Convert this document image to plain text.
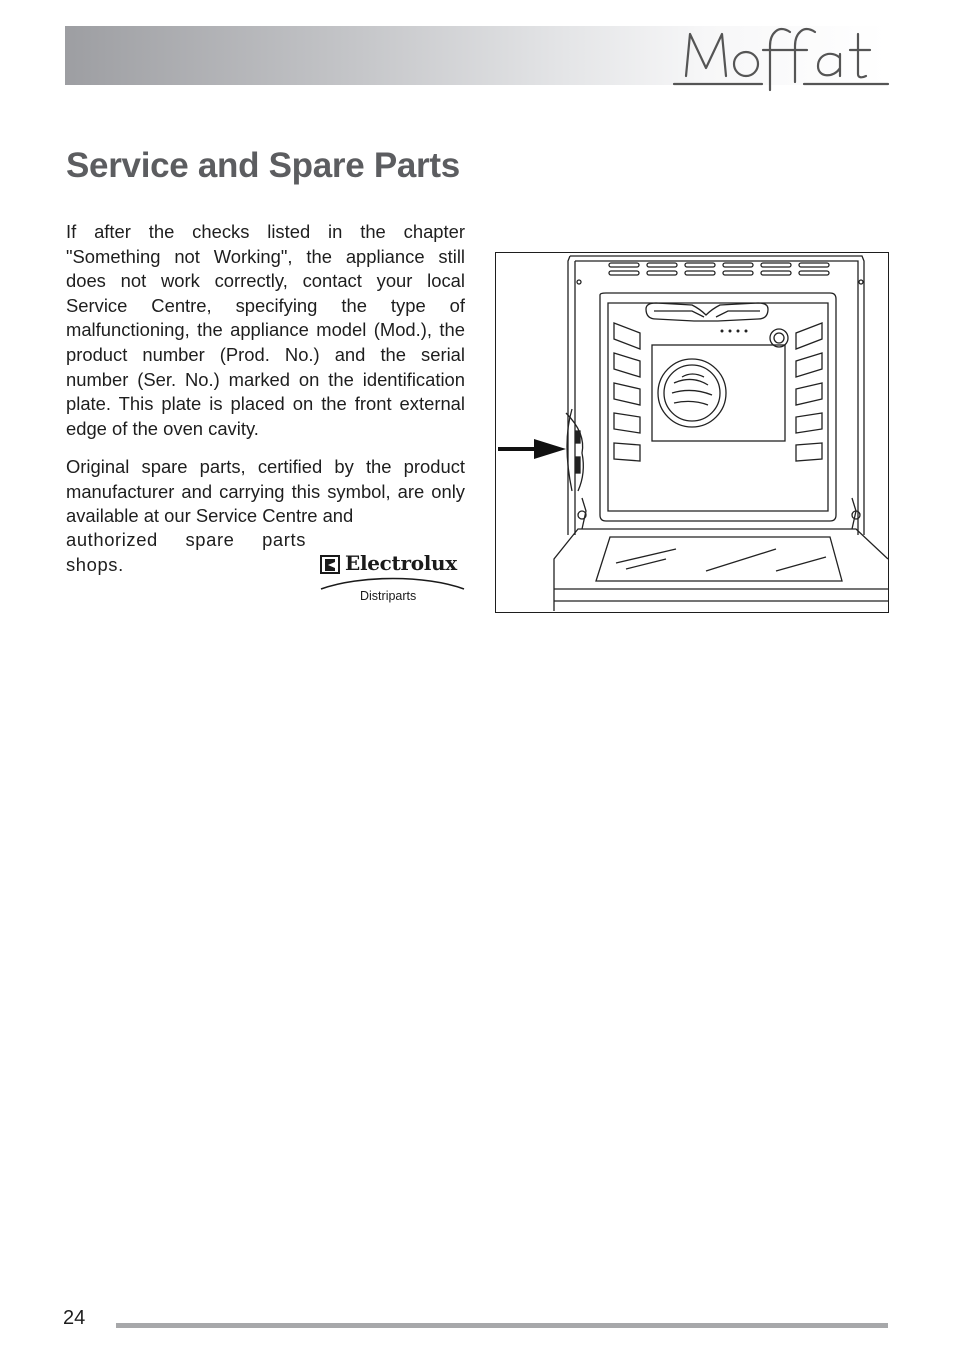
Service and Spare Parts

If after the checks listed in the chapter "Something not Working", the appliance still does not work correctly, contact your local Service Centre, specifying the type of malfunctioning, the appliance model (Mod.), the product number (Prod. No.) and the serial number (Ser. No.) marked on the identification plate. This plate is placed on the front external edge of the oven cavity.

Original spare parts, certified by the product manufacturer and carrying this symbol, are only available at our Service Centre and

authorized spare parts

shops.	Electrolux
Distriparts
24
